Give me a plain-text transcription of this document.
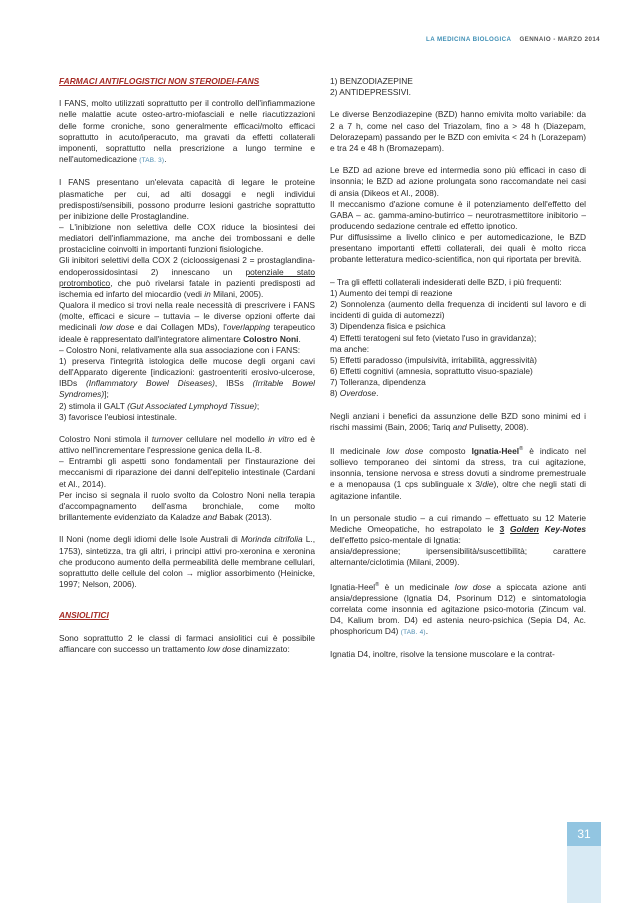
LA MEDICINA BIOLOGICA GENNAIO - MARZO 2014
FARMACI ANTIFLOGISTICI NON STEROIDEI-FANS

I FANS, molto utilizzati soprattutto per il controllo dell'infiammazione nelle malattie acute osteo-artro-miofasciali e nelle riacutizzazioni delle forme croniche, sono generalmente efficaci/molto efficaci soprattutto in acuto/iperacuto, ma gravati da effetti collaterali imponenti, soprattutto nella prescrizione a lungo termine e nell'automedicazione (TAB. 3).

I FANS presentano un'elevata capacità di legare le proteine plasmatiche per cui, ad alti dosaggi e negli individui predisposti/sensibili, possono produrre lesioni gastriche soprattutto per inibizione delle Prostaglandine.

– L'inibizione non selettiva delle COX riduce la biosintesi dei mediatori dell'infiammazione, ma anche dei trombossani e delle prostacicline coinvolti in importanti funzioni fisiologiche.

Gli inibitori selettivi della COX 2 (cicloossigenasi 2 = prostaglandina-endoperossidosintasi 2) innescano un potenziale stato protrombotico, che può rivelarsi fatale in pazienti predisposti ad ischemia ed infarto del miocardio (vedi in Milani, 2005).

Qualora il medico si trovi nella reale necessità di prescrivere i FANS (molte, efficaci e sicure – tuttavia – le diverse opzioni offerte dai medicinali low dose e dai Collagen MDs), l'overlapping terapeutico ideale è rappresentato dall'integratore alimentare Colostro Noni.

– Colostro Noni, relativamente alla sua associazione con i FANS:

1) preserva l'integrità istologica delle mucose degli organi cavi dell'Apparato digerente [indicazioni: gastroenteriti erosivo-ulcerose, IBDs (Inflammatory Bowel Diseases), IBSs (Irritable Bowel Syndromes)];

2) stimola il GALT (Gut Associated Lymphoyd Tissue);

3) favorisce l'eubiosi intestinale.

Colostro Noni stimola il turnover cellulare nel modello in vitro ed è attivo nell'incrementare l'espressione genica della IL-8.

– Entrambi gli aspetti sono fondamentali per l'instaurazione dei meccanismi di riparazione dei danni dell'epitelio intestinale (Cardani et Al., 2014).

Per inciso si segnala il ruolo svolto da Colostro Noni nella terapia d'accompagnamento dell'asma bronchiale, come molto brillantemente evidenziato da Kaladze and Babak (2013).

Il Noni (nome degli idiomi delle Isole Australi di Morinda citrifolia L., 1753), sintetizza, tra gli altri, i principi attivi pro-xeronina e xeronina che producono aumento della permeabilità delle membrane cellulari, soprattutto delle cellule del colon → miglior assorbimento (Heinicke, 1997; Nelson, 2006).

ANSIOLITICI

Sono soprattutto 2 le classi di farmaci ansiolitici cui è possibile affiancare con successo un trattamento low dose dinamizzato:

1) BENZODIAZEPINE

2) ANTIDEPRESSIVI.

Le diverse Benzodiazepine (BZD) hanno emivita molto variabile: da 2 a 7 h, come nel caso del Triazolam, fino a > 48 h (Diazepam, Delorazepam) passando per le BZD con emivita < 24 h (Lorazepam) e tra 24 e 48 h (Bromazepam).

Le BZD ad azione breve ed intermedia sono più efficaci in caso di insonnia; le BZD ad azione prolungata sono raccomandate nei casi di ansia (Dikeos et Al., 2008).

Il meccanismo d'azione comune è il potenziamento dell'effetto del GABA – ac. gamma-amino-butirrico – neurotrasmettitore inibitorio – producendo sedazione centrale ed effetto ipnotico.

Pur diffusissime a livello clinico e per automedicazione, le BZD presentano importanti effetti collaterali, dei quali è molto ricca probante letteratura medico-scientifica, non qui riportata per brevità.

– Tra gli effetti collaterali indesiderati delle BZD, i più frequenti:

1) Aumento dei tempi di reazione

2) Sonnolenza (aumento della frequenza di incidenti sul lavoro e di incidenti di guida di automezzi)

3) Dipendenza fisica e psichica

4) Effetti teratogeni sul feto (vietato l'uso in gravidanza);

ma anche:

5) Effetti paradosso (impulsività, irritabilità, aggressività)

6) Effetti cognitivi (amnesia, soprattutto visuo-spaziale)

7) Tolleranza, dipendenza

8) Overdose.

Negli anziani i benefici da assunzione delle BZD sono minimi ed i rischi massimi (Bain, 2006; Tariq and Pulisetty, 2008).

Il medicinale low dose composto Ignatia-Heel® è indicato nel sollievo temporaneo dei sintomi da stress, tra cui agitazione, insonnia, tensione nervosa e stress dovuti a sindrome premestruale e a menopausa (1 cps sublinguale x 3/die), oltre che negli stati di agitazione infantile.

In un personale studio – a cui rimando – effettuato su 12 Materie Mediche Omeopatiche, ho estrapolato le 3 Golden Key-Notes dell'effetto psico-mentale di Ignatia:

ansia/depressione; ipersensibilità/suscettibilità; carattere alternante/ciclotimia (Milani, 2009).

Ignatia-Heel® è un medicinale low dose a spiccata azione anti ansia/depressione (Ignatia D4, Psorinum D12) e sintomatologia correlata come insonnia ed agitazione psico-motoria (Zincum val. D4, Kalium brom. D4) ed astenia neuro-psichica (Sepia D4, Ac. phosphoricum D4) (TAB. 4).

Ignatia D4, inoltre, risolve la tensione muscolare e la contrat-

31
